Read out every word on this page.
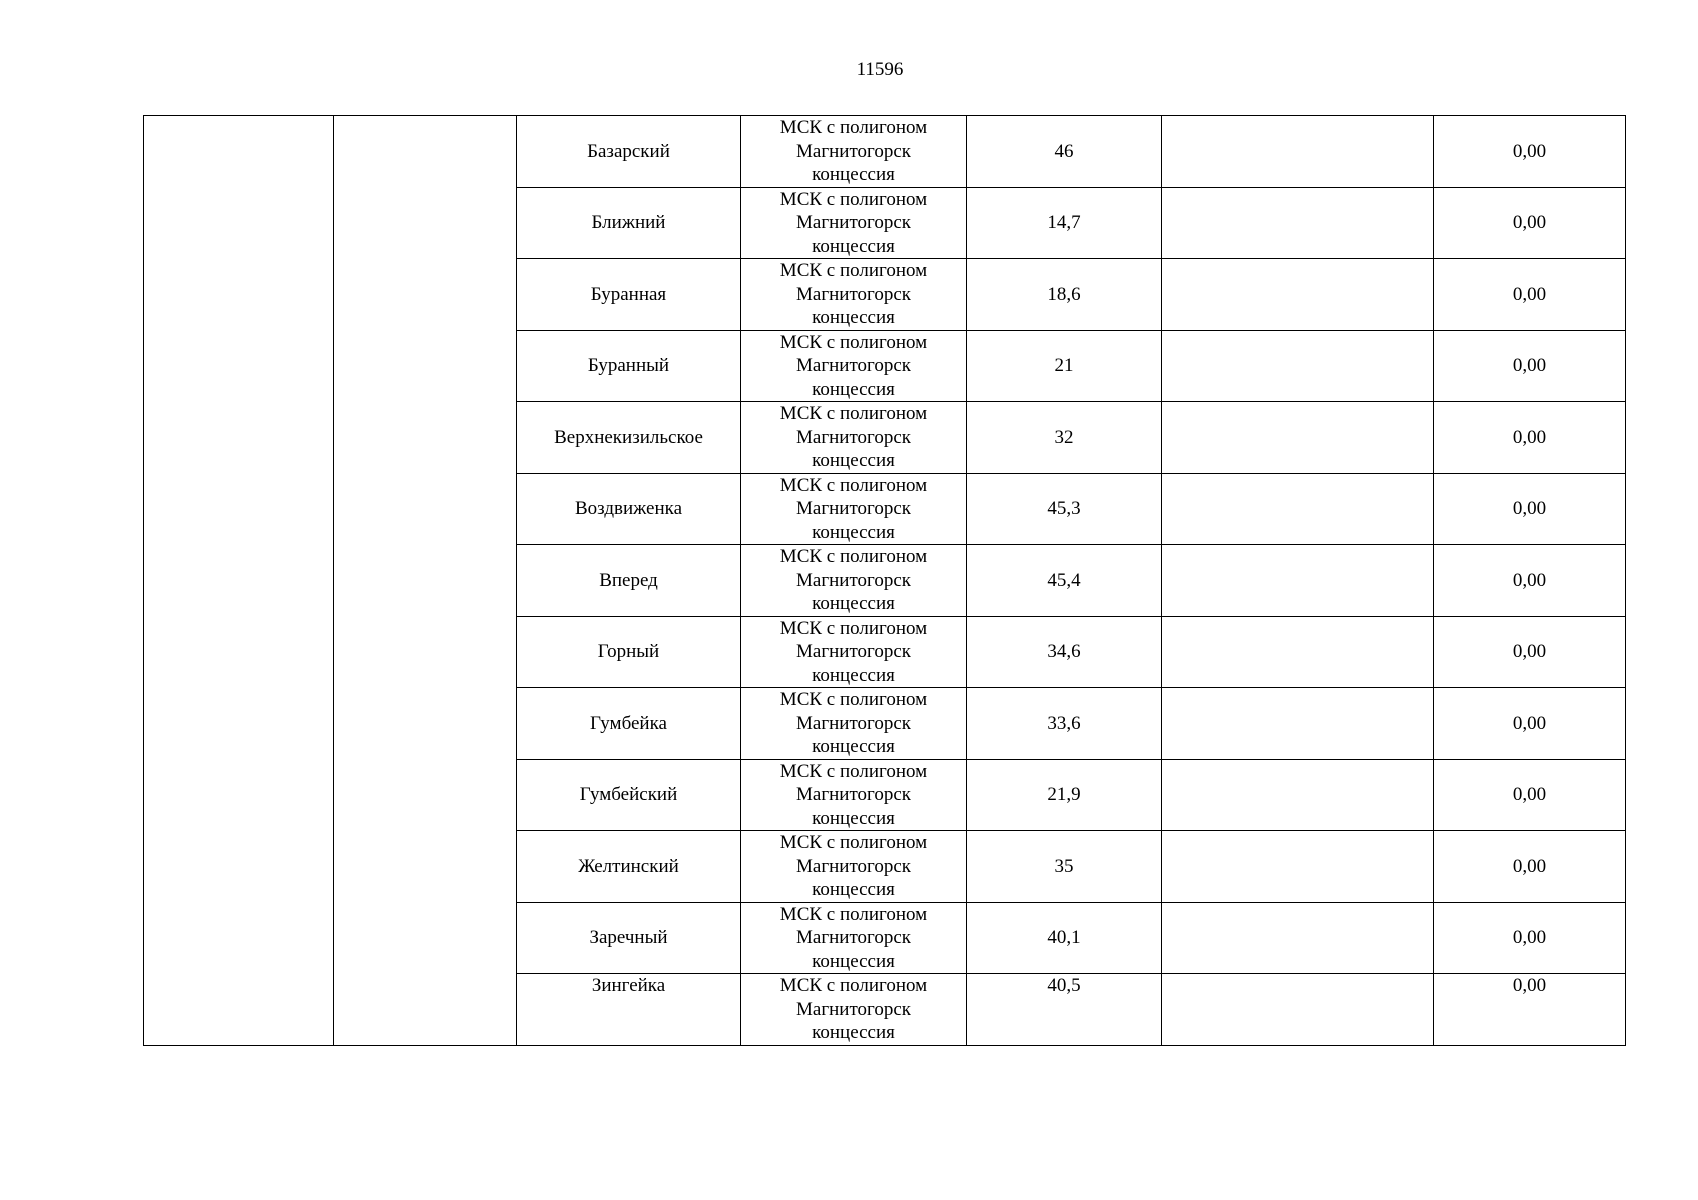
11596
		Базарский	МСК с полигоном
Магнитогорск
концессия	46		0,00
		Ближний	МСК с полигоном
Магнитогорск
концессия	14,7		0,00
		Буранная	МСК с полигоном
Магнитогорск
концессия	18,6		0,00
		Буранный	МСК с полигоном
Магнитогорск
концессия	21		0,00
		Верхнекизильское	МСК с полигоном
Магнитогорск
концессия	32		0,00
		Воздвиженка	МСК с полигоном
Магнитогорск
концессия	45,3		0,00
		Вперед	МСК с полигоном
Магнитогорск
концессия	45,4		0,00
		Горный	МСК с полигоном
Магнитогорск
концессия	34,6		0,00
		Гумбейка	МСК с полигоном
Магнитогорск
концессия	33,6		0,00
		Гумбейский	МСК с полигоном
Магнитогорск
концессия	21,9		0,00
		Желтинский	МСК с полигоном
Магнитогорск
концессия	35		0,00
		Заречный	МСК с полигоном
Магнитогорск
концессия	40,1		0,00
		Зингейка	МСК с полигоном
Магнитогорск
концессия	40,5		0,00
